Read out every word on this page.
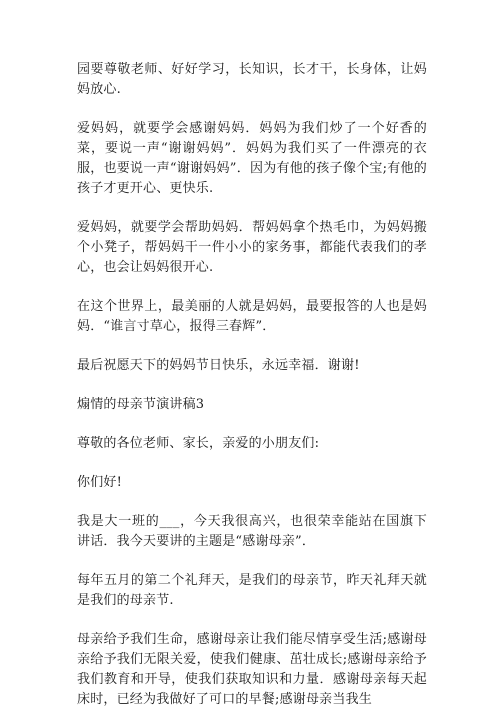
园要尊敬老师、好好学习，长知识，长才干，长身体，让妈妈放心.

爱妈妈，就要学会感谢妈妈．妈妈为我们炒了一个好香的菜，要说一声“谢谢妈妈”．妈妈为我们买了一件漂亮的衣服，也要说一声“谢谢妈妈”．因为有他的孩子像个宝;有他的孩子才更开心、更快乐.

爱妈妈，就要学会帮助妈妈．帮妈妈拿个热毛巾，为妈妈搬个小凳子，帮妈妈干一件小小的家务事，都能代表我们的孝心，也会让妈妈很开心.

在这个世界上，最美丽的人就是妈妈，最要报答的人也是妈妈．“谁言寸草心，报得三春辉”．

最后祝愿天下的妈妈节日快乐，永远幸福．谢谢!

煽情的母亲节演讲稿3

尊敬的各位老师、家长，亲爱的小朋友们:

你们好!

我是大一班的___，今天我很高兴，也很荣幸能站在国旗下讲话．我今天要讲的主题是“感谢母亲”．

每年五月的第二个礼拜天，是我们的母亲节，昨天礼拜天就是我们的母亲节.

母亲给予我们生命，感谢母亲让我们能尽情享受生活;感谢母亲给予我们无限关爱，使我们健康、茁壮成长;感谢母亲给予我们教育和开导，使我们获取知识和力量．感谢母亲每天起床时，已经为我做好了可口的早餐;感谢母亲当我生
